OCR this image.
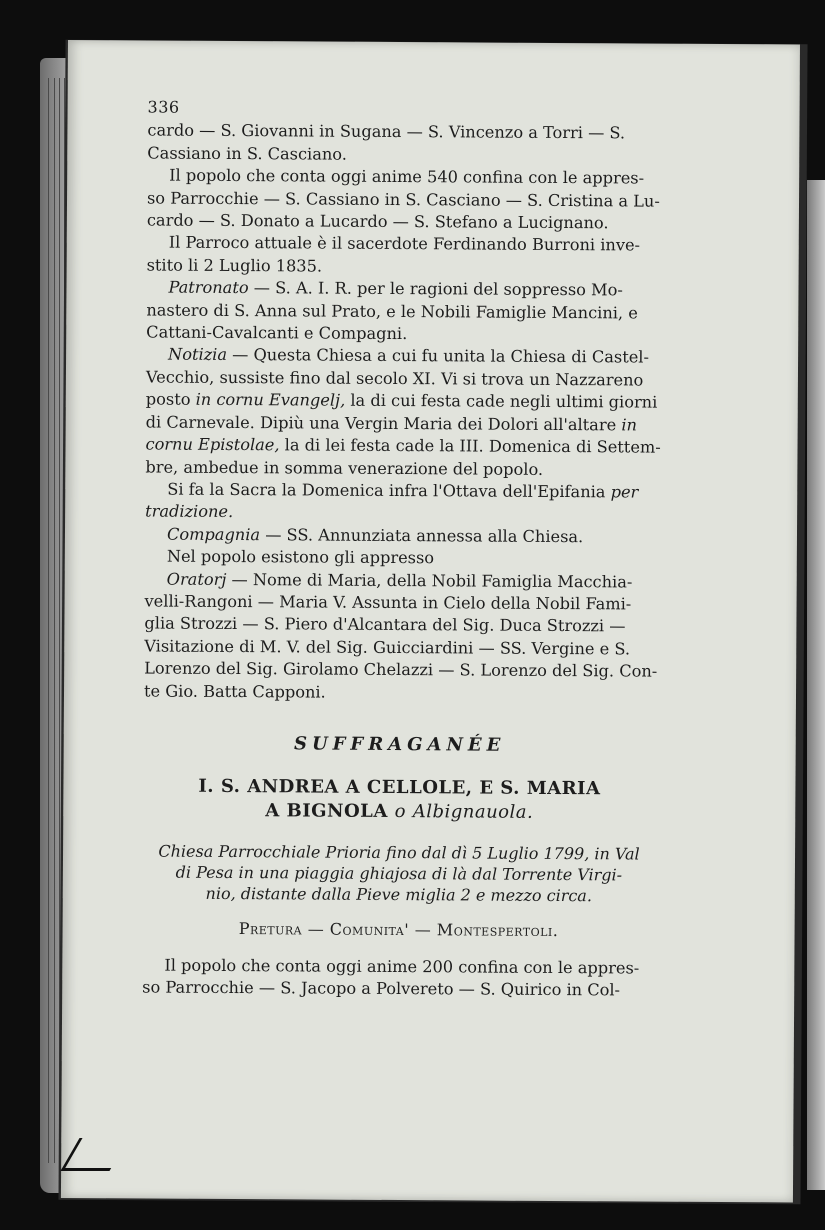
336
cardo — S. Giovanni in Sugana — S. Vincenzo a Torri — S.
Cassiano in S. Casciano.
Il popolo che conta oggi anime 540 confina con le appres-
so Parrocchie — S. Cassiano in S. Casciano — S. Cristina a Lu-
cardo — S. Donato a Lucardo — S. Stefano a Lucignano.
Il Parroco attuale è il sacerdote Ferdinando Burroni inve-
stito li 2 Luglio 1835.
Patronato
— S. A. I. R. per le ragioni del soppresso Mo-
nastero di S. Anna sul Prato, e le Nobili Famiglie Mancini, e
Cattani-Cavalcanti e Compagni.
Notizia
— Questa Chiesa a cui fu unita la Chiesa di Castel-
Vecchio, sussiste fino dal secolo XI. Vi si trova un Nazzareno
posto
in cornu Evangelj,
la di cui festa cade negli ultimi giorni
di Carnevale. Dipiù una Vergin Maria dei Dolori all'altare
in
cornu Epistolae,
la di lei festa cade la III. Domenica di Settem-
bre, ambedue in somma venerazione del popolo.
Si fa la Sacra la Domenica infra l'Ottava dell'Epifania
per
tradizione.
Compagnia
— SS. Annunziata annessa alla Chiesa.
Nel popolo esistono gli appresso
Oratorj
— Nome di Maria, della Nobil Famiglia Macchia-
velli-Rangoni — Maria V. Assunta in Cielo della Nobil Fami-
glia Strozzi — S. Piero d'Alcantara del Sig. Duca Strozzi —
Visitazione di M. V. del Sig. Guicciardini — SS. Vergine e S.
Lorenzo del Sig. Girolamo Chelazzi — S. Lorenzo del Sig. Con-
te Gio. Batta Capponi.
SUFFRAGANÉE
I. S. ANDREA A CELLOLE, E S. MARIA
A BIGNOLA o Albignauola.
Chiesa Parrocchiale Prioria fino dal dì 5 Luglio 1799, in Val
di Pesa in una piaggia ghiajosa di là dal Torrente Virgi-
nio, distante dalla Pieve miglia 2 e mezzo circa.
Pretura — Comunita' — Montespertoli.
Il popolo che conta oggi anime 200 confina con le appres-
so Parrocchie — S. Jacopo a Polvereto — S. Quirico in Col-
